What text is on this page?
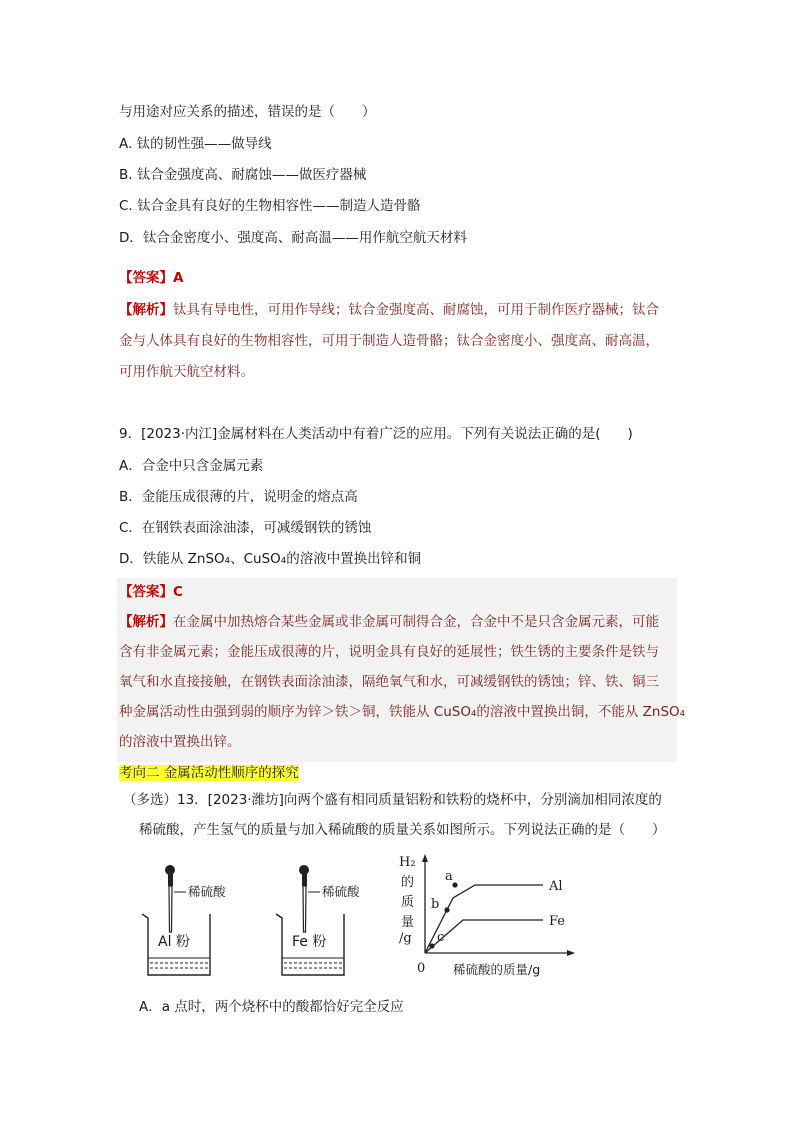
与用途对应关系的描述，错误的是（　　）
A. 钛的韧性强——做导线
B. 钛合金强度高、耐腐蚀——做医疗器械
C. 钛合金具有良好的生物相容性——制造人造骨骼
D．钛合金密度小、强度高、耐高温——用作航空航天材料
【答案】A
【解析】钛具有导电性，可用作导线；钛合金强度高、耐腐蚀，可用于制作医疗器械；钛合
金与人体具有良好的生物相容性，可用于制造人造骨骼；钛合金密度小、强度高、耐高温，
可用作航天航空材料。
9．[2023·内江]金属材料在人类活动中有着广泛的应用。下列有关说法正确的是(　　)
A．合金中只含金属元素
B．金能压成很薄的片，说明金的熔点高
C．在钢铁表面涂油漆，可减缓钢铁的锈蚀
D．铁能从 ZnSO₄、CuSO₄的溶液中置换出锌和铜
【答案】C
【解析】在金属中加热熔合某些金属或非金属可制得合金，合金中不是只含金属元素，可能
含有非金属元素；金能压成很薄的片，说明金具有良好的延展性；铁生锈的主要条件是铁与
氧气和水直接接触，在钢铁表面涂油漆，隔绝氧气和水，可减缓钢铁的锈蚀；锌、铁、铜三
种金属活动性由强到弱的顺序为锌＞铁＞铜，铁能从 CuSO₄的溶液中置换出铜，不能从 ZnSO₄
的溶液中置换出锌。
考向二 金属活动性顺序的探究
（多选）13．[2023·潍坊]向两个盛有相同质量铝粉和铁粉的烧杯中，分别滴加相同浓度的
稀硫酸，产生氢气的质量与加入稀硫酸的质量关系如图所示。下列说法正确的是（　　）
稀硫酸
Al 粉
稀硫酸
Fe 粉
H₂
的
质
量
/g
a
b
c
Al
Fe
0 稀硫酸的质量/g
A．a 点时，两个烧杯中的酸都恰好完全反应
